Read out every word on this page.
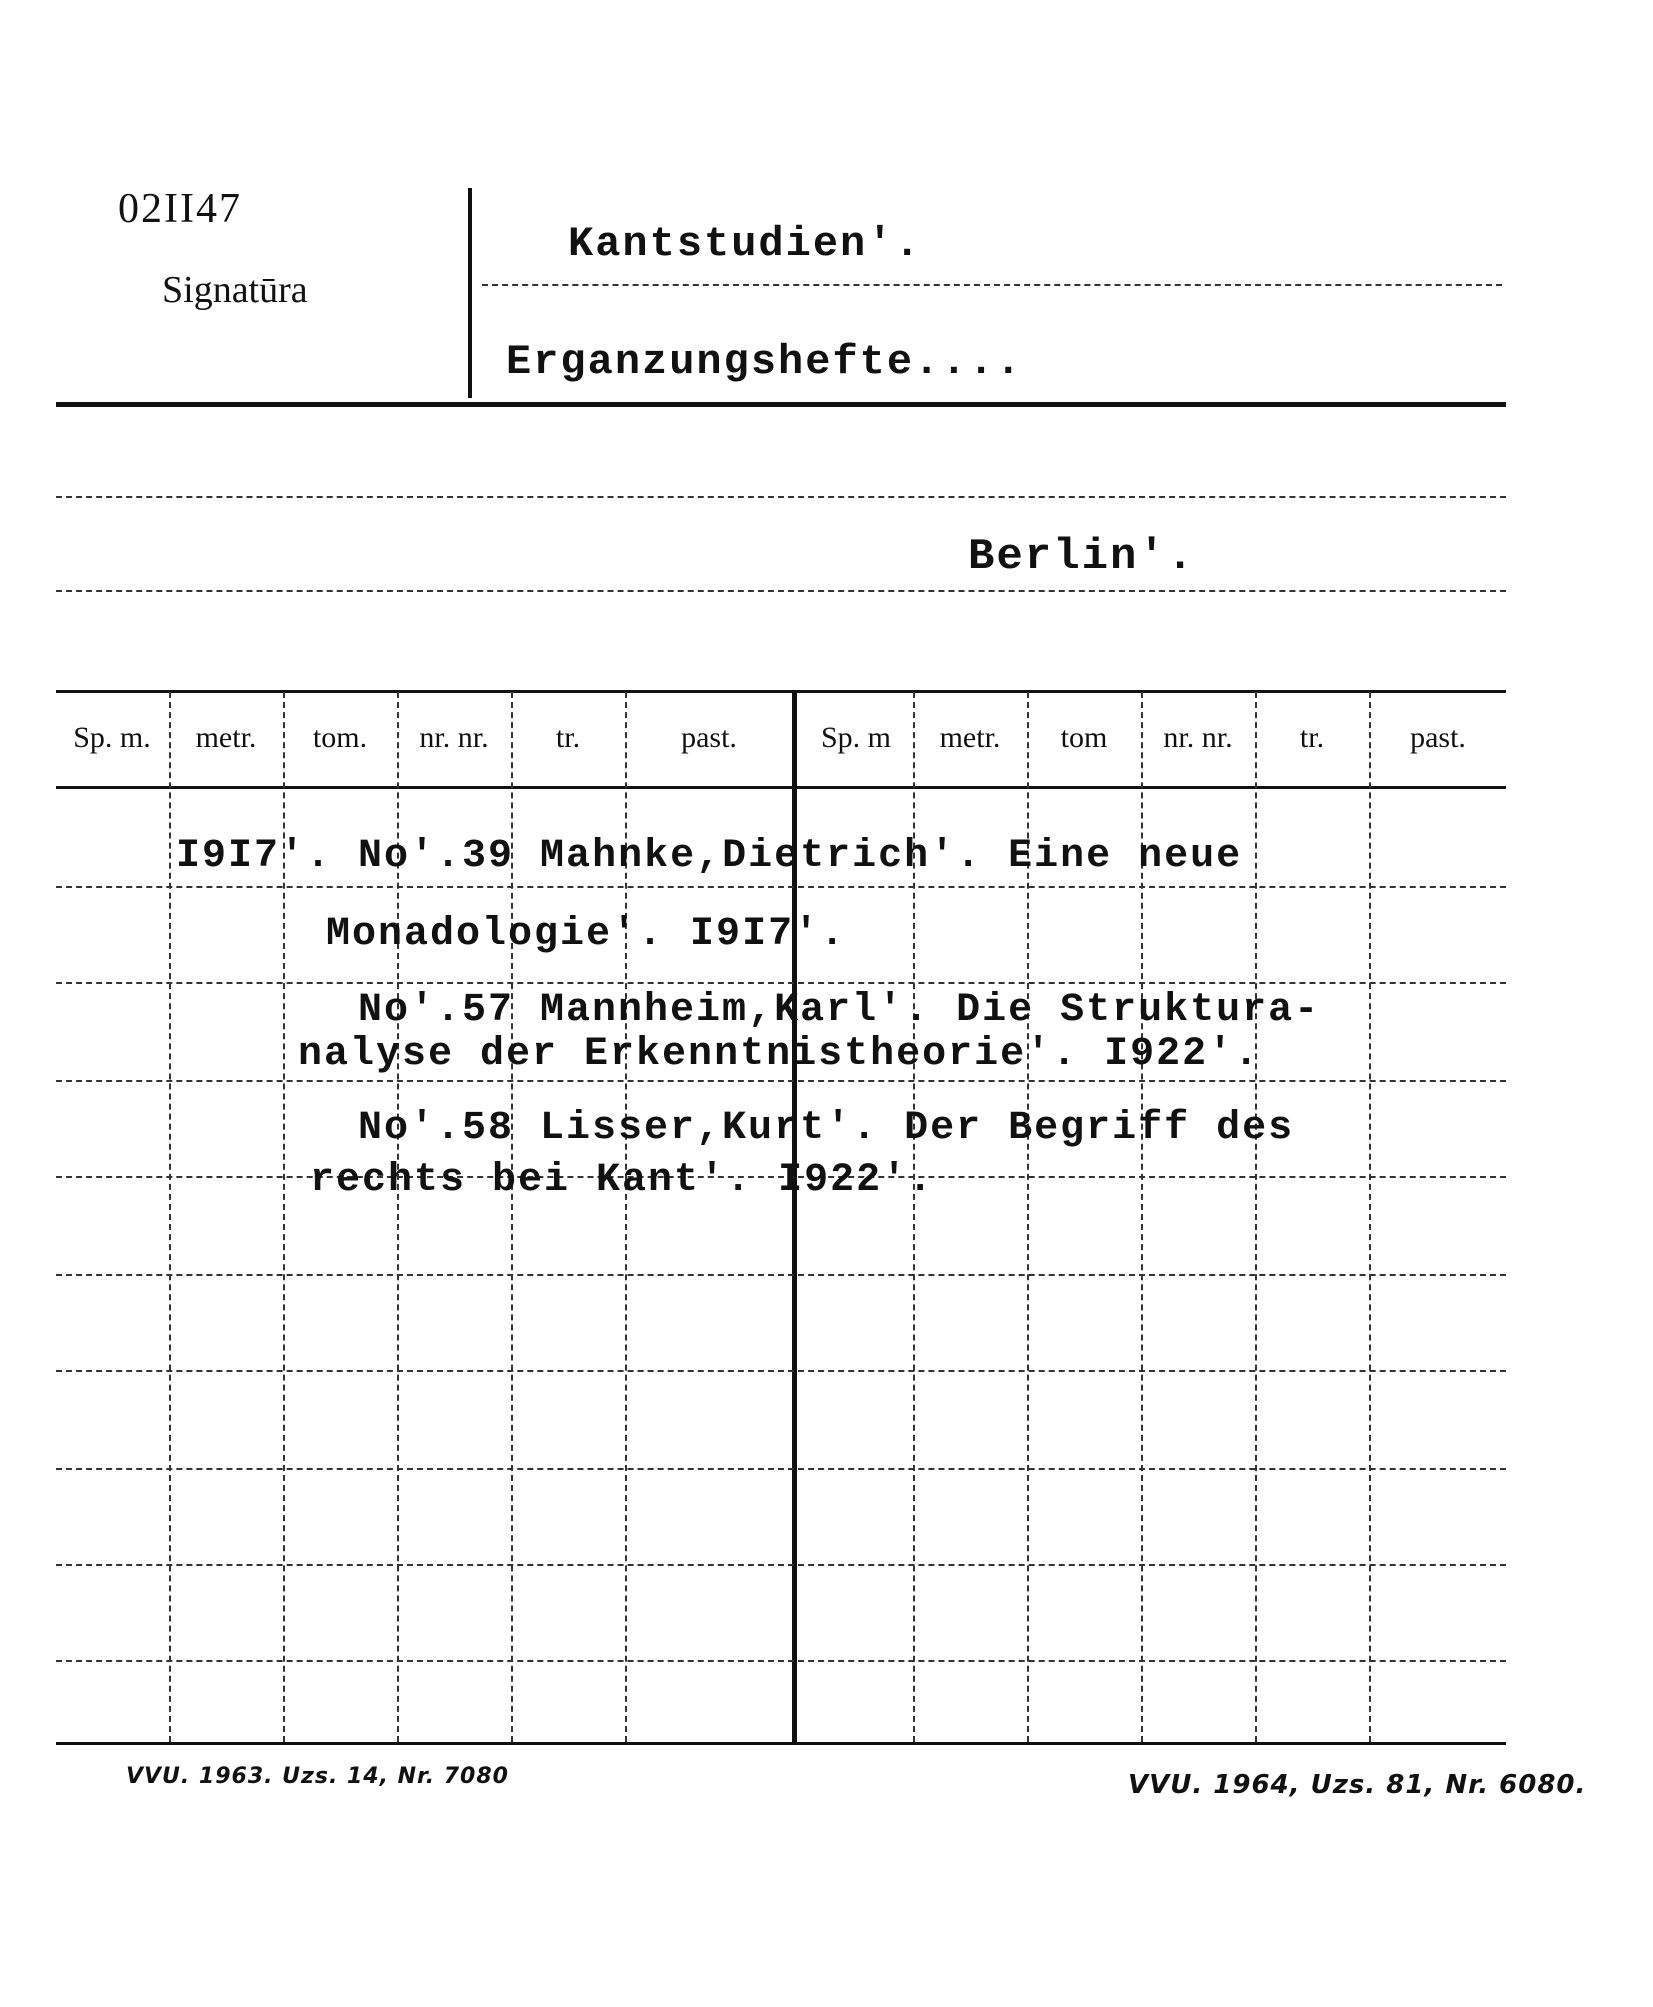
02II47
Signatūra
Kantstudien'.
Erganzungshefte....
Berlin'.
Sp. m.	metr.	tom.	nr. nr.	tr.	past.	Sp. m	metr.	tom	nr. nr.	tr.	past.
I9I7'. No'.39 Mahnke,Dietrich'. Eine neue
Monadologie'. I9I7'.
No'.57 Mannheim,Karl'. Die Struktura-
nalyse der Erkenntnistheorie'. I922'.
No'.58 Lisser,Kurt'. Der Begriff des
rechts bei Kant'. I922'.
VVU. 1963. Uzs. 14, Nr. 7080	VVU. 1964, Uzs. 81, Nr. 6080.
